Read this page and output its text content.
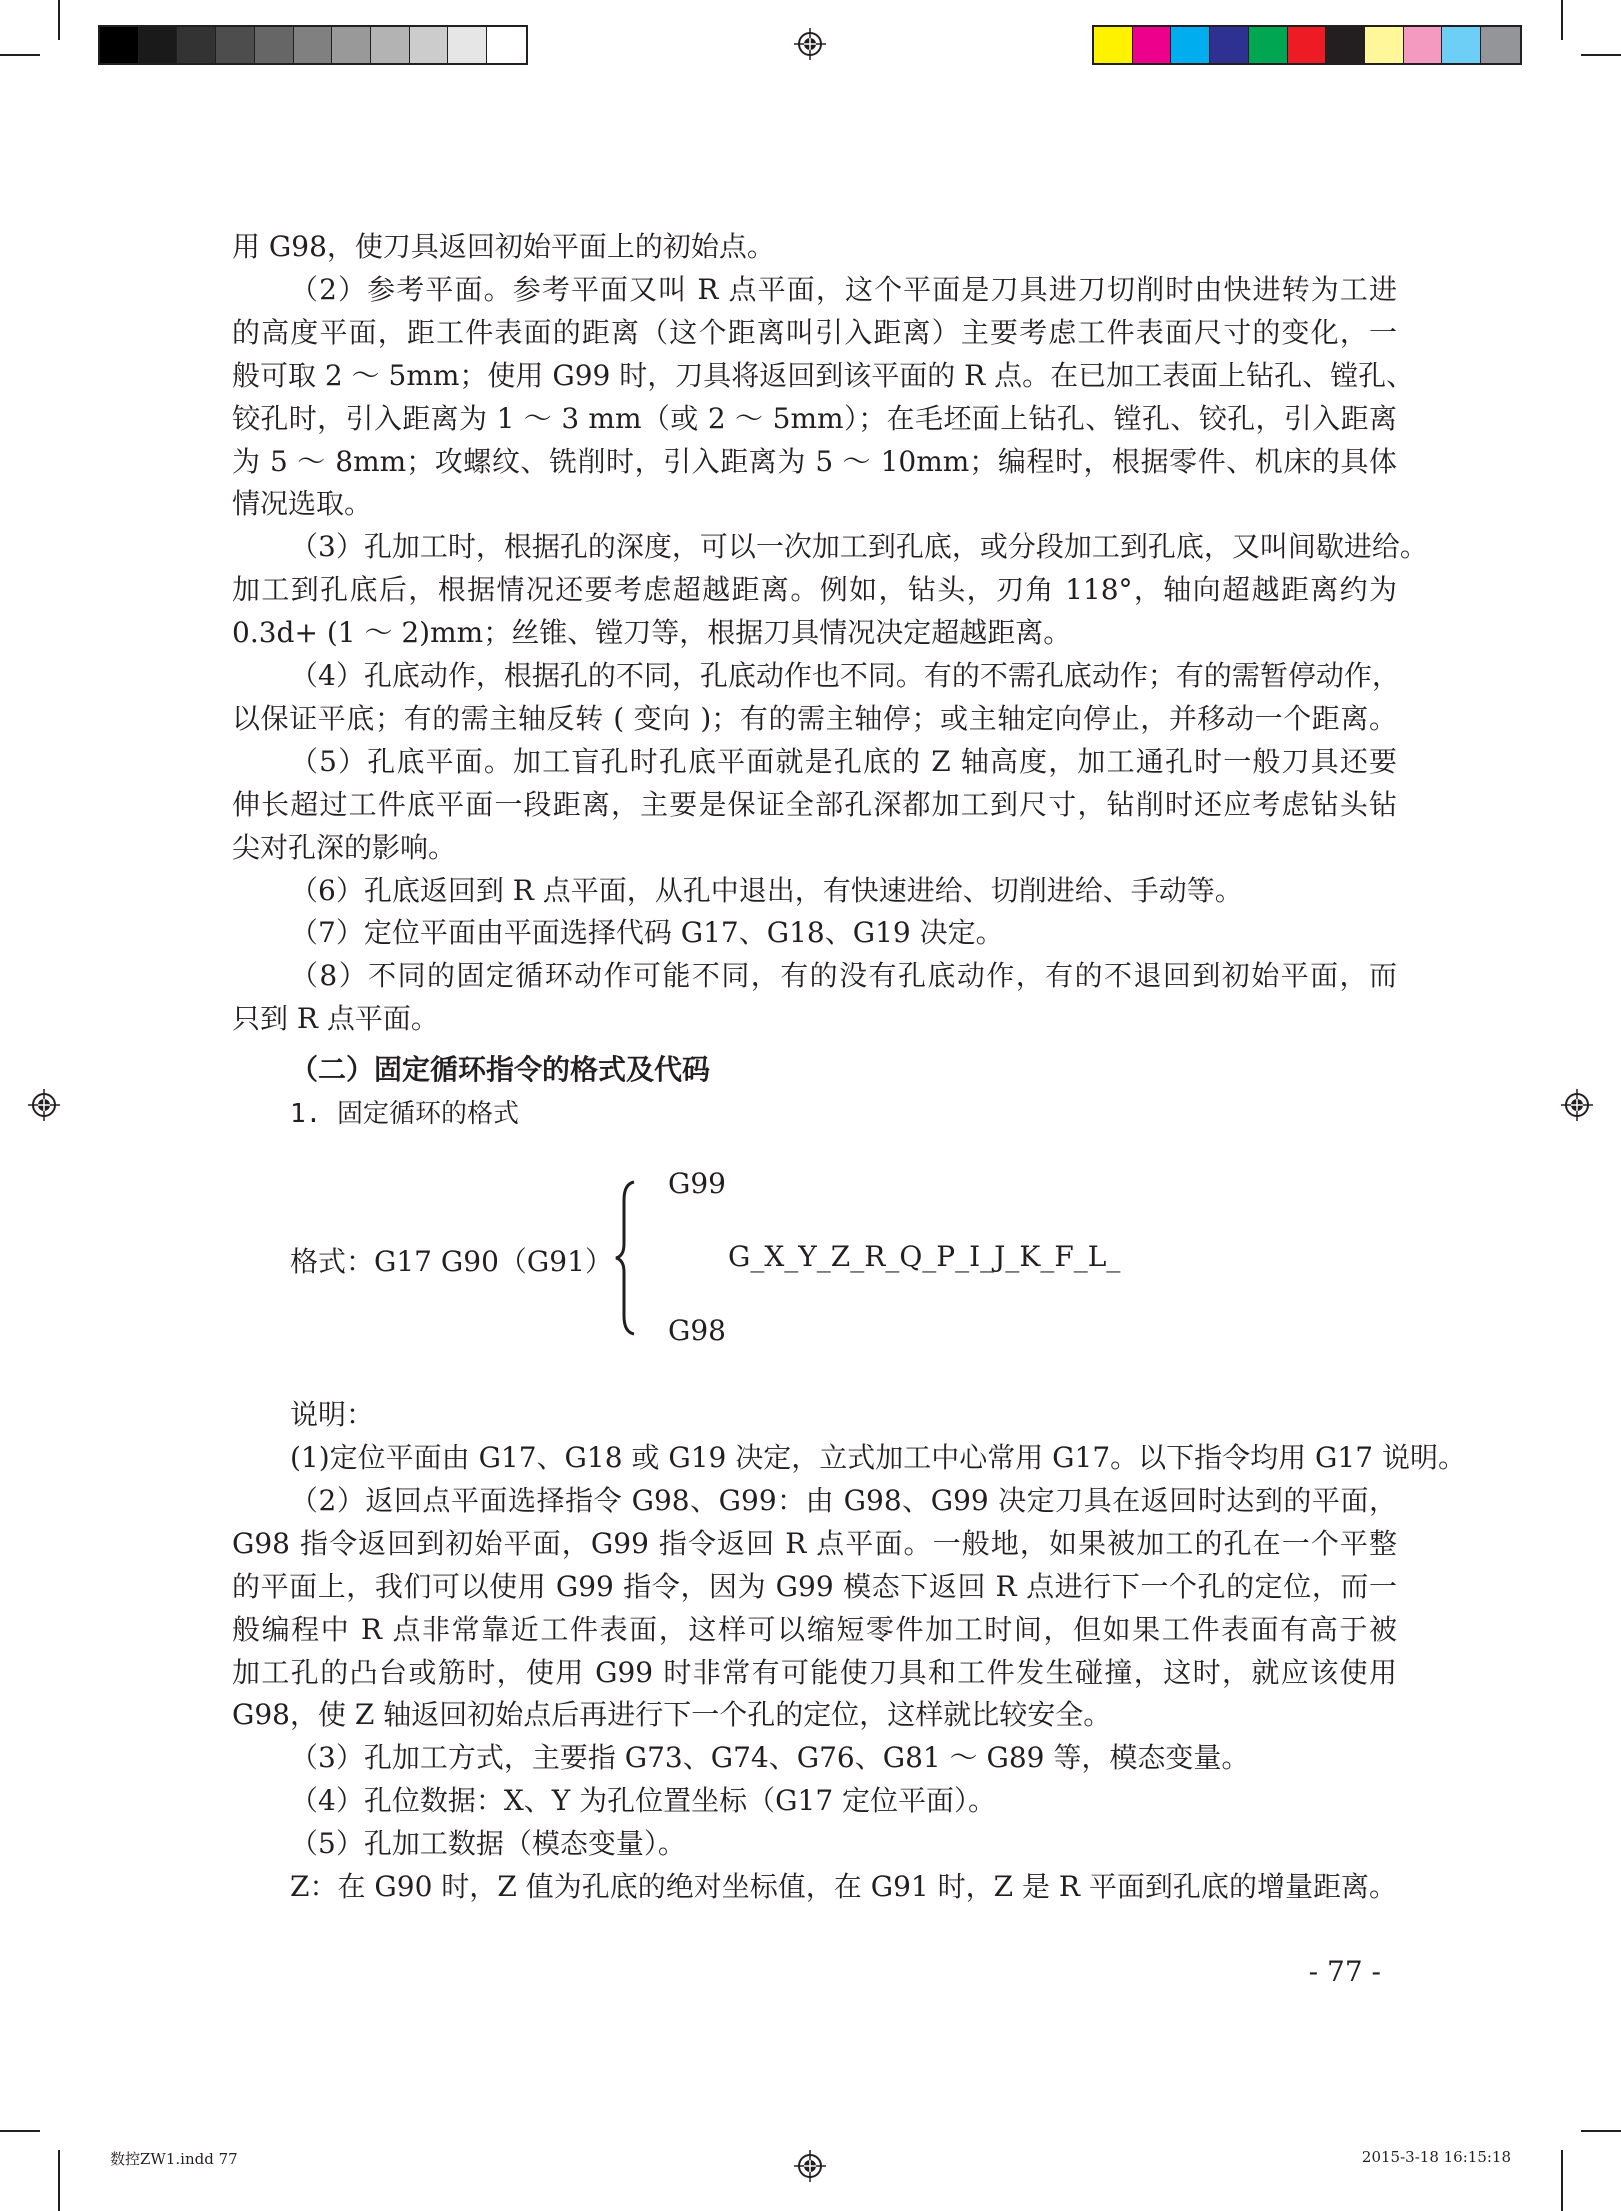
用 G98，使刀具返回初始平面上的初始点。
（2）参考平面。参考平面又叫 R 点平面，这个平面是刀具进刀切削时由快进转为工进
的高度平面，距工件表面的距离（这个距离叫引入距离）主要考虑工件表面尺寸的变化，一
般可取 2 ～ 5mm；使用 G99 时，刀具将返回到该平面的 R 点。在已加工表面上钻孔、镗孔、
铰孔时，引入距离为 1 ～ 3 mm（或 2 ～ 5mm）；在毛坯面上钻孔、镗孔、铰孔，引入距离
为 5 ～ 8mm；攻螺纹、铣削时，引入距离为 5 ～ 10mm；编程时，根据零件、机床的具体
情况选取。
（3）孔加工时，根据孔的深度，可以一次加工到孔底，或分段加工到孔底，又叫间歇进给。
加工到孔底后，根据情况还要考虑超越距离。例如，钻头，刃角 118°，轴向超越距离约为
0.3d+ (1 ～ 2)mm；丝锥、镗刀等，根据刀具情况决定超越距离。
（4）孔底动作，根据孔的不同，孔底动作也不同。有的不需孔底动作；有的需暂停动作，
以保证平底；有的需主轴反转 ( 变向 )；有的需主轴停；或主轴定向停止，并移动一个距离。
（5）孔底平面。加工盲孔时孔底平面就是孔底的 Z 轴高度，加工通孔时一般刀具还要
伸长超过工件底平面一段距离，主要是保证全部孔深都加工到尺寸，钻削时还应考虑钻头钻
尖对孔深的影响。
（6）孔底返回到 R 点平面，从孔中退出，有快速进给、切削进给、手动等。
（7）定位平面由平面选择代码 G17、G18、G19 决定。
（8）不同的固定循环动作可能不同，有的没有孔底动作，有的不退回到初始平面，而
只到 R 点平面。
（二）固定循环指令的格式及代码
1. 固定循环的格式
格式：G17 G90（G91）
G99
G_X_Y_Z_R_Q_P_I_J_K_F_L_
G98
说明：
(1)定位平面由 G17、G18 或 G19 决定，立式加工中心常用 G17。以下指令均用 G17 说明。
（2）返回点平面选择指令 G98、G99：由 G98、G99 决定刀具在返回时达到的平面，
G98 指令返回到初始平面，G99 指令返回 R 点平面。一般地，如果被加工的孔在一个平整
的平面上，我们可以使用 G99 指令，因为 G99 模态下返回 R 点进行下一个孔的定位，而一
般编程中 R 点非常靠近工件表面，这样可以缩短零件加工时间，但如果工件表面有高于被
加工孔的凸台或筋时，使用 G99 时非常有可能使刀具和工件发生碰撞，这时，就应该使用
G98，使 Z 轴返回初始点后再进行下一个孔的定位，这样就比较安全。
（3）孔加工方式，主要指 G73、G74、G76、G81 ～ G89 等，模态变量。
（4）孔位数据：X、Y 为孔位置坐标（G17 定位平面）。
（5）孔加工数据（模态变量）。
Z：在 G90 时，Z 值为孔底的绝对坐标值，在 G91 时，Z 是 R 平面到孔底的增量距离。
- 77 -
数控ZW1.indd 77	2015-3-18 16:15:18
